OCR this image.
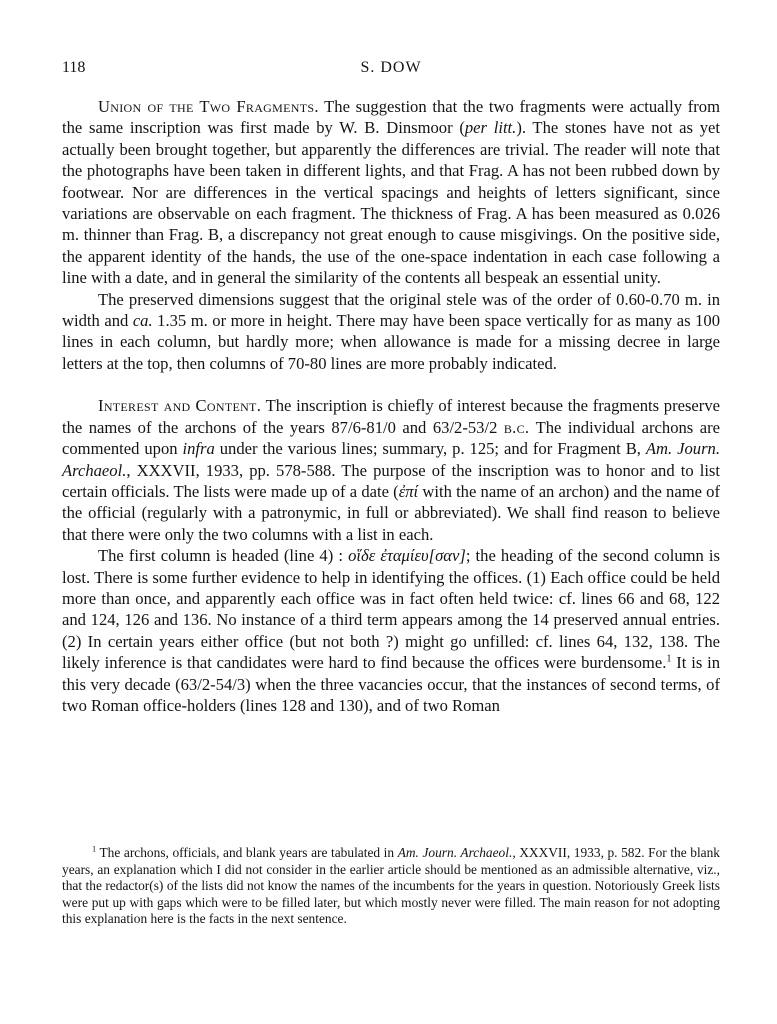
118	S. DOW

Union of the Two Fragments. The suggestion that the two fragments were actually from the same inscription was first made by W. B. Dinsmoor (per litt.). The stones have not as yet actually been brought together, but apparently the differences are trivial. The reader will note that the photographs have been taken in different lights, and that Frag. A has not been rubbed down by footwear. Nor are differences in the vertical spacings and heights of letters significant, since variations are observable on each fragment. The thickness of Frag. A has been measured as 0.026 m. thinner than Frag. B, a discrepancy not great enough to cause misgivings. On the positive side, the apparent identity of the hands, the use of the one-space indentation in each case following a line with a date, and in general the similarity of the contents all bespeak an essential unity.

The preserved dimensions suggest that the original stele was of the order of 0.60-0.70 m. in width and ca. 1.35 m. or more in height. There may have been space vertically for as many as 100 lines in each column, but hardly more; when allowance is made for a missing decree in large letters at the top, then columns of 70-80 lines are more probably indicated.

Interest and Content. The inscription is chiefly of interest because the fragments preserve the names of the archons of the years 87/6-81/0 and 63/2-53/2 b.c. The individual archons are commented upon infra under the various lines; summary, p. 125; and for Fragment B, Am. Journ. Archaeol., XXXVII, 1933, pp. 578-588. The purpose of the inscription was to honor and to list certain officials. The lists were made up of a date (ἐπί with the name of an archon) and the name of the official (regularly with a patronymic, in full or abbreviated). We shall find reason to believe that there were only the two columns with a list in each.

The first column is headed (line 4) : οἵδε ἐταμίευ[σαν]; the heading of the second column is lost. There is some further evidence to help in identifying the offices. (1) Each office could be held more than once, and apparently each office was in fact often held twice: cf. lines 66 and 68, 122 and 124, 126 and 136. No instance of a third term appears among the 14 preserved annual entries. (2) In certain years either office (but not both ?) might go unfilled: cf. lines 64, 132, 138. The likely inference is that candidates were hard to find because the offices were burdensome.$^1$ It is in this very decade (63/2-54/3) when the three vacancies occur, that the instances of second terms, of two Roman office-holders (lines 128 and 130), and of two Roman

$^1$ The archons, officials, and blank years are tabulated in Am. Journ. Archaeol., XXXVII, 1933, p. 582. For the blank years, an explanation which I did not consider in the earlier article should be mentioned as an admissible alternative, viz., that the redactor(s) of the lists did not know the names of the incumbents for the years in question. Notoriously Greek lists were put up with gaps which were to be filled later, but which mostly never were filled. The main reason for not adopting this explanation here is the facts in the next sentence.
